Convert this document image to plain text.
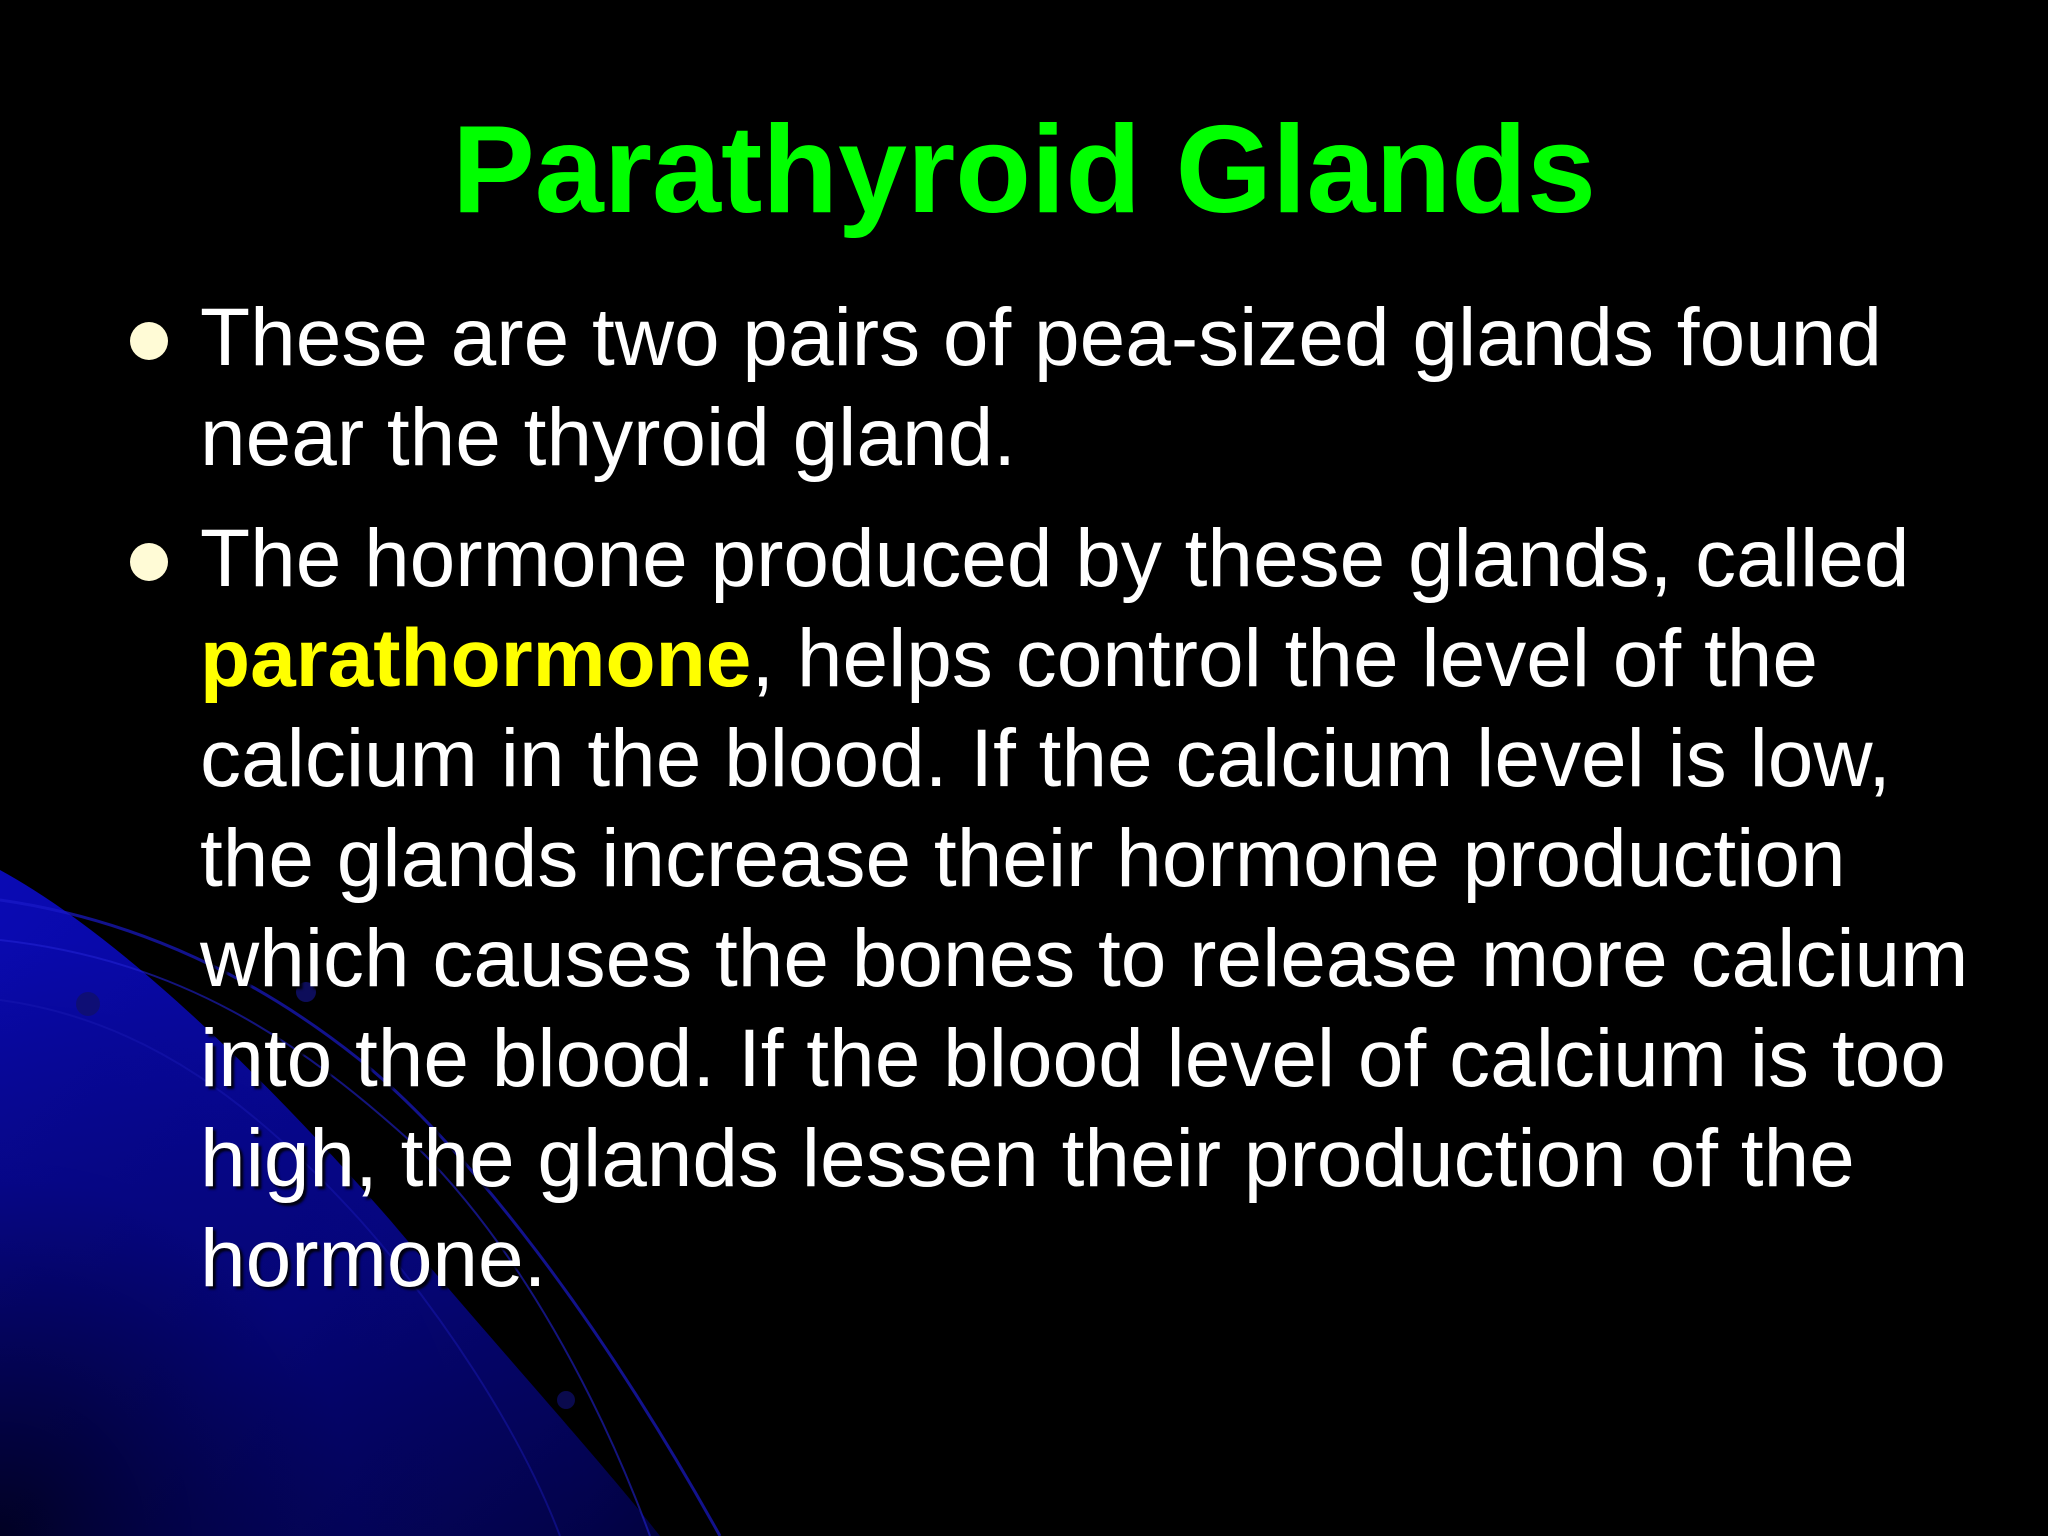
Parathyroid Glands
These are two pairs of pea-sized glands found near the thyroid gland.
The hormone produced by these glands, called parathormone, helps control the level of the calcium in the blood. If the calcium level is low, the glands increase their hormone production which causes the bones to release more calcium into the blood. If the blood level of calcium is too high, the glands lessen their production of the hormone.
